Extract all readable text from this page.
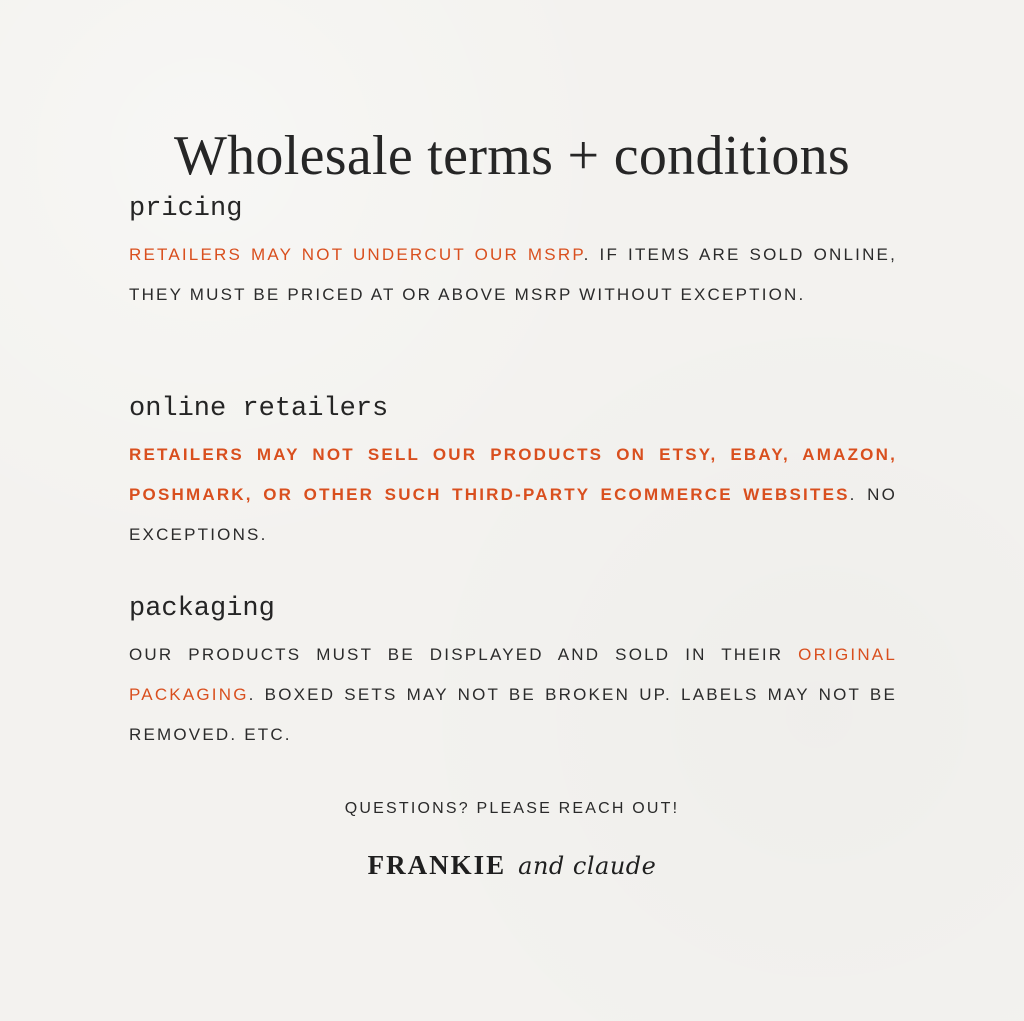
Wholesale terms + conditions
pricing

RETAILERS MAY NOT UNDERCUT OUR MSRP. IF ITEMS ARE SOLD ONLINE, THEY MUST BE PRICED AT OR ABOVE MSRP WITHOUT EXCEPTION.

online retailers

RETAILERS MAY NOT SELL OUR PRODUCTS ON ETSY, EBAY, AMAZON, POSHMARK, OR OTHER SUCH THIRD-PARTY ECOMMERCE WEBSITES. NO EXCEPTIONS.

packaging

OUR PRODUCTS MUST BE DISPLAYED AND SOLD IN THEIR ORIGINAL PACKAGING. BOXED SETS MAY NOT BE BROKEN UP. LABELS MAY NOT BE REMOVED. ETC.

QUESTIONS? PLEASE REACH OUT!
FRANKIE and claude
